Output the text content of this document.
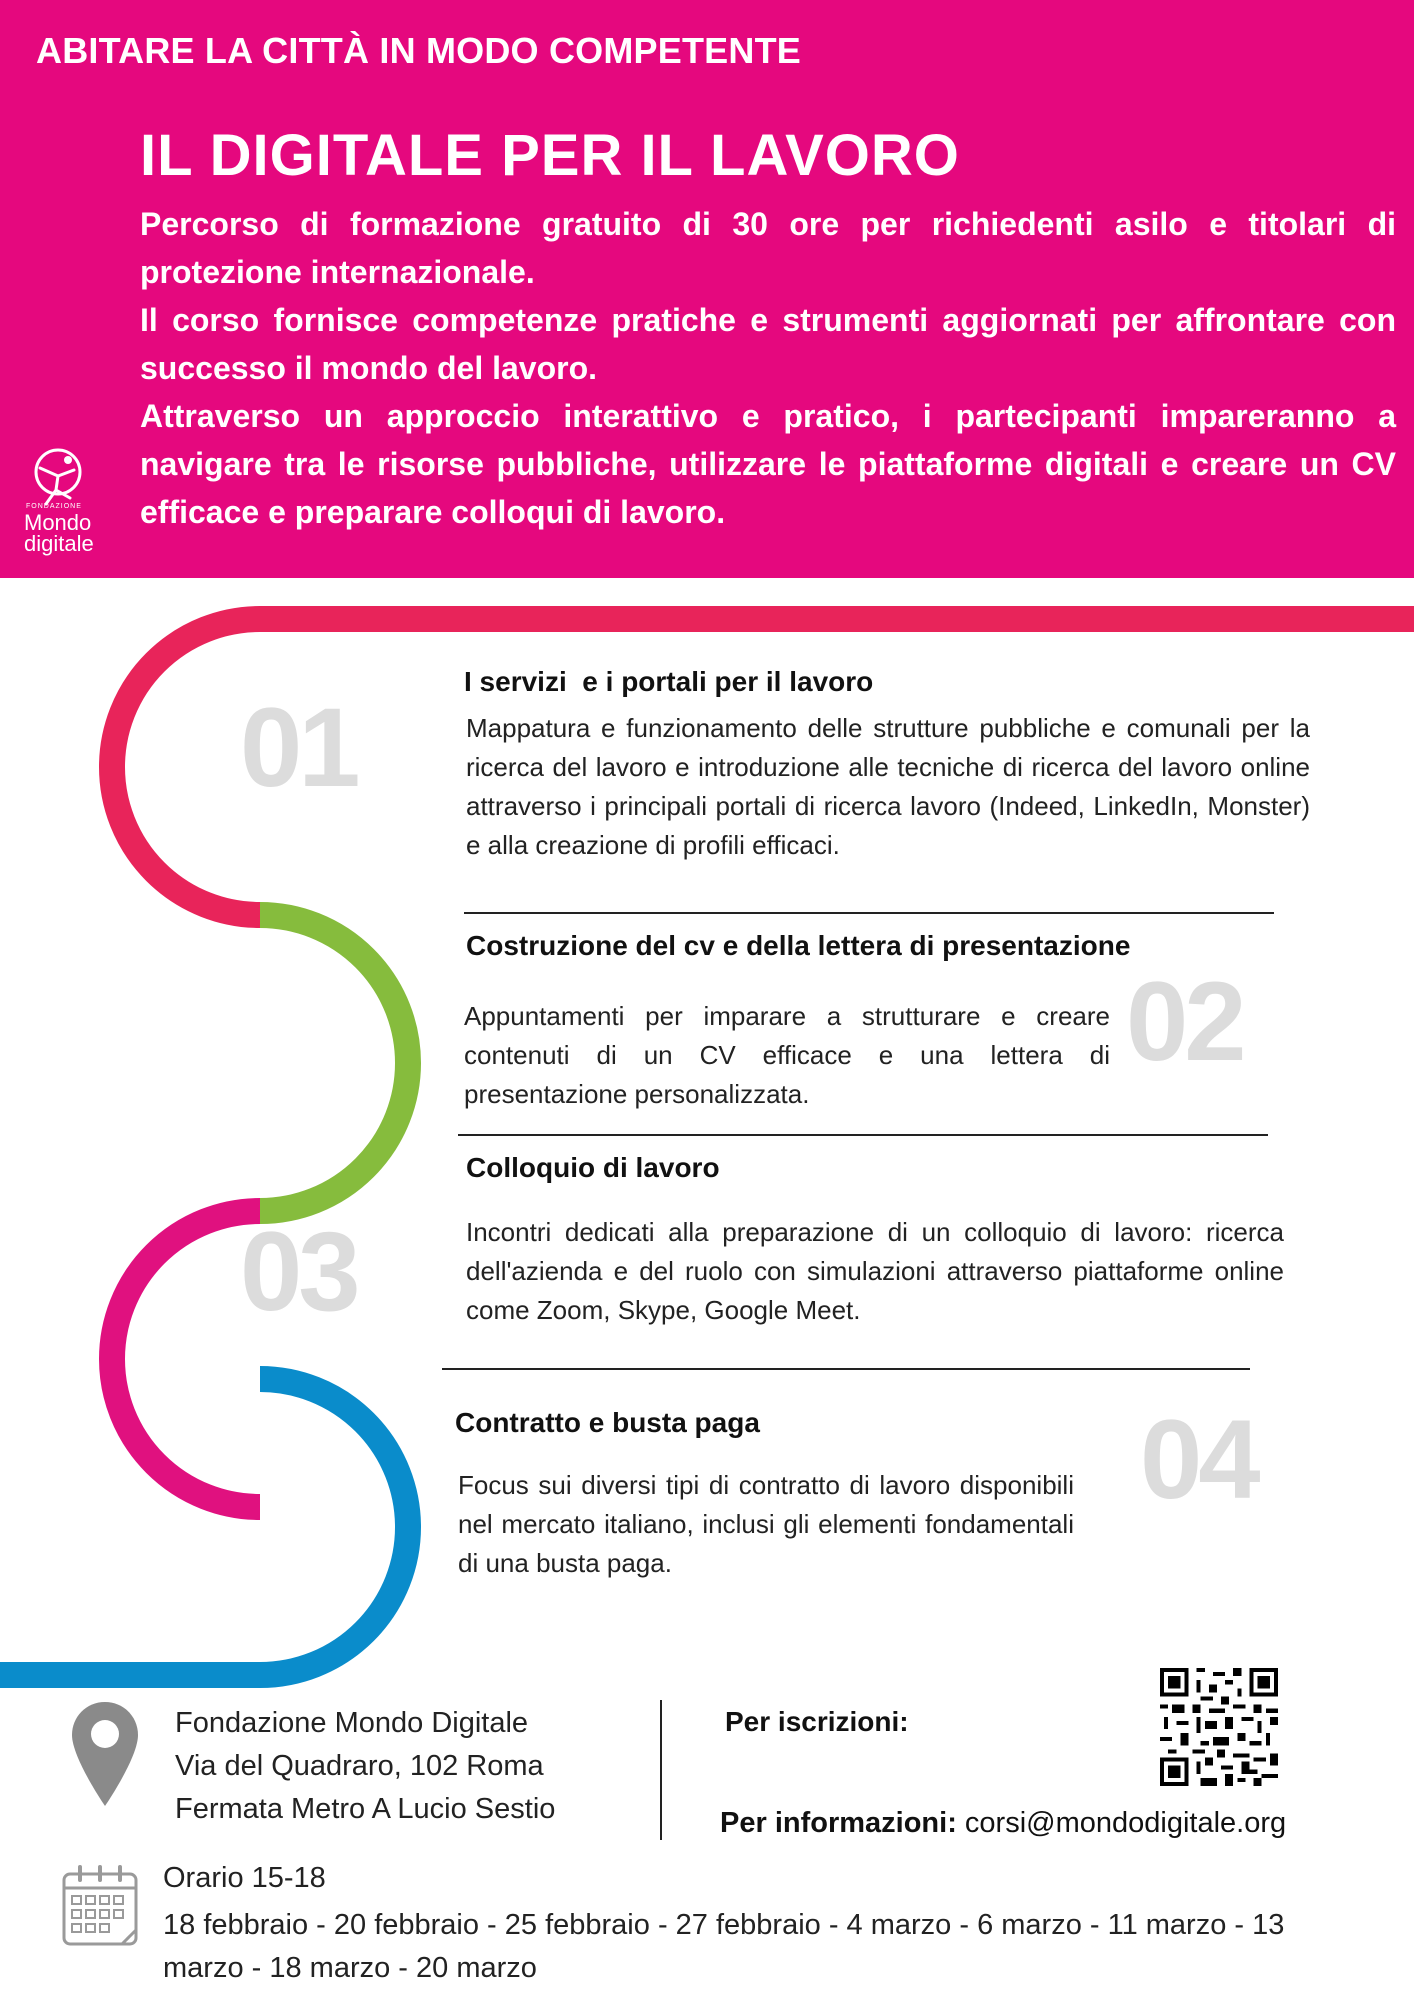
ABITARE LA CITTÀ IN MODO COMPETENTE
IL DIGITALE PER IL LAVORO

Percorso di formazione gratuito di 30 ore per richiedenti asilo e titolari di protezione internazionale.

Il corso fornisce competenze pratiche e strumenti aggiornati per affrontare con successo il mondo del lavoro.

Attraverso un approccio interattivo e pratico, i partecipanti impareranno a navigare tra le risorse pubbliche, utilizzare le piattaforme digitali e creare un CV efficace e preparare colloqui di lavoro.

FONDAZIONE
Mondo
digitale
01
I servizi  e i portali per il lavoro

Mappatura e funzionamento delle strutture pubbliche e comunali per la ricerca del lavoro e introduzione alle tecniche di ricerca del lavoro online attraverso i principali portali di ricerca lavoro (Indeed, LinkedIn, Monster) e alla creazione di profili efficaci.

Costruzione del cv e della lettera di presentazione
02

Appuntamenti per imparare a strutturare e creare contenuti di un CV efficace e una lettera di presentazione personalizzata.

Colloquio di lavoro
03	Incontri dedicati alla preparazione di un colloquio di lavoro: ricerca dell'azienda e del ruolo con simulazioni attraverso piattaforme online come Zoom, Skype, Google Meet.

Contratto e busta paga	04

Focus sui diversi tipi di contratto di lavoro disponibili nel mercato italiano, inclusi gli elementi fondamentali di una busta paga.

Fondazione Mondo Digitale
Via del Quadraro, 102 Roma
Fermata Metro A Lucio Sestio
Per iscrizioni:
Per informazioni: corsi@mondodigitale.org
Orario 15-18

18 febbraio - 20 febbraio - 25 febbraio - 27 febbraio - 4 marzo - 6 marzo - 11 marzo - 13 marzo - 18 marzo - 20 marzo
